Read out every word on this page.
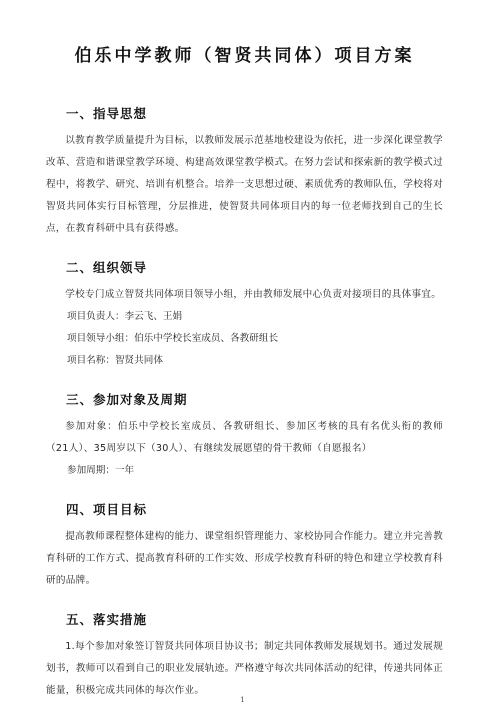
伯乐中学教师（智贤共同体）项目方案
一、指导思想

以教育教学质量提升为目标，以教师发展示范基地校建设为依托，进一步深化课堂教学改革、营造和谐课堂教学环境、构建高效课堂教学模式。在努力尝试和探索新的教学模式过程中，将教学、研究、培训有机整合。培养一支思想过硬、素质优秀的教师队伍，学校将对智贤共同体实行目标管理，分层推进，使智贤共同体项目内的每一位老师找到自己的生长点，在教育科研中具有获得感。

二、组织领导

学校专门成立智贤共同体项目领导小组，并由教师发展中心负责对接项目的具体事宜。

项目负责人：李云飞、王娟

项目领导小组：伯乐中学校长室成员、各教研组长

项目名称：智贤共同体

三、参加对象及周期

参加对象：伯乐中学校长室成员、各教研组长、参加区考核的具有名优头衔的教师（21人）、35周岁以下（30人）、有继续发展愿望的骨干教师（自愿报名）

参加周期：一年

四、项目目标

提高教师课程整体建构的能力、课堂组织管理能力、家校协同合作能力。建立并完善教育科研的工作方式、提高教育科研的工作实效、形成学校教育科研的特色和建立学校教育科研的品牌。

五、落实措施

1.每个参加对象签订智贤共同体项目协议书；制定共同体教师发展规划书。通过发展规划书，教师可以看到自己的职业发展轨迹。严格遵守每次共同体活动的纪律，传递共同体正能量，积极完成共同体的每次作业。

1
